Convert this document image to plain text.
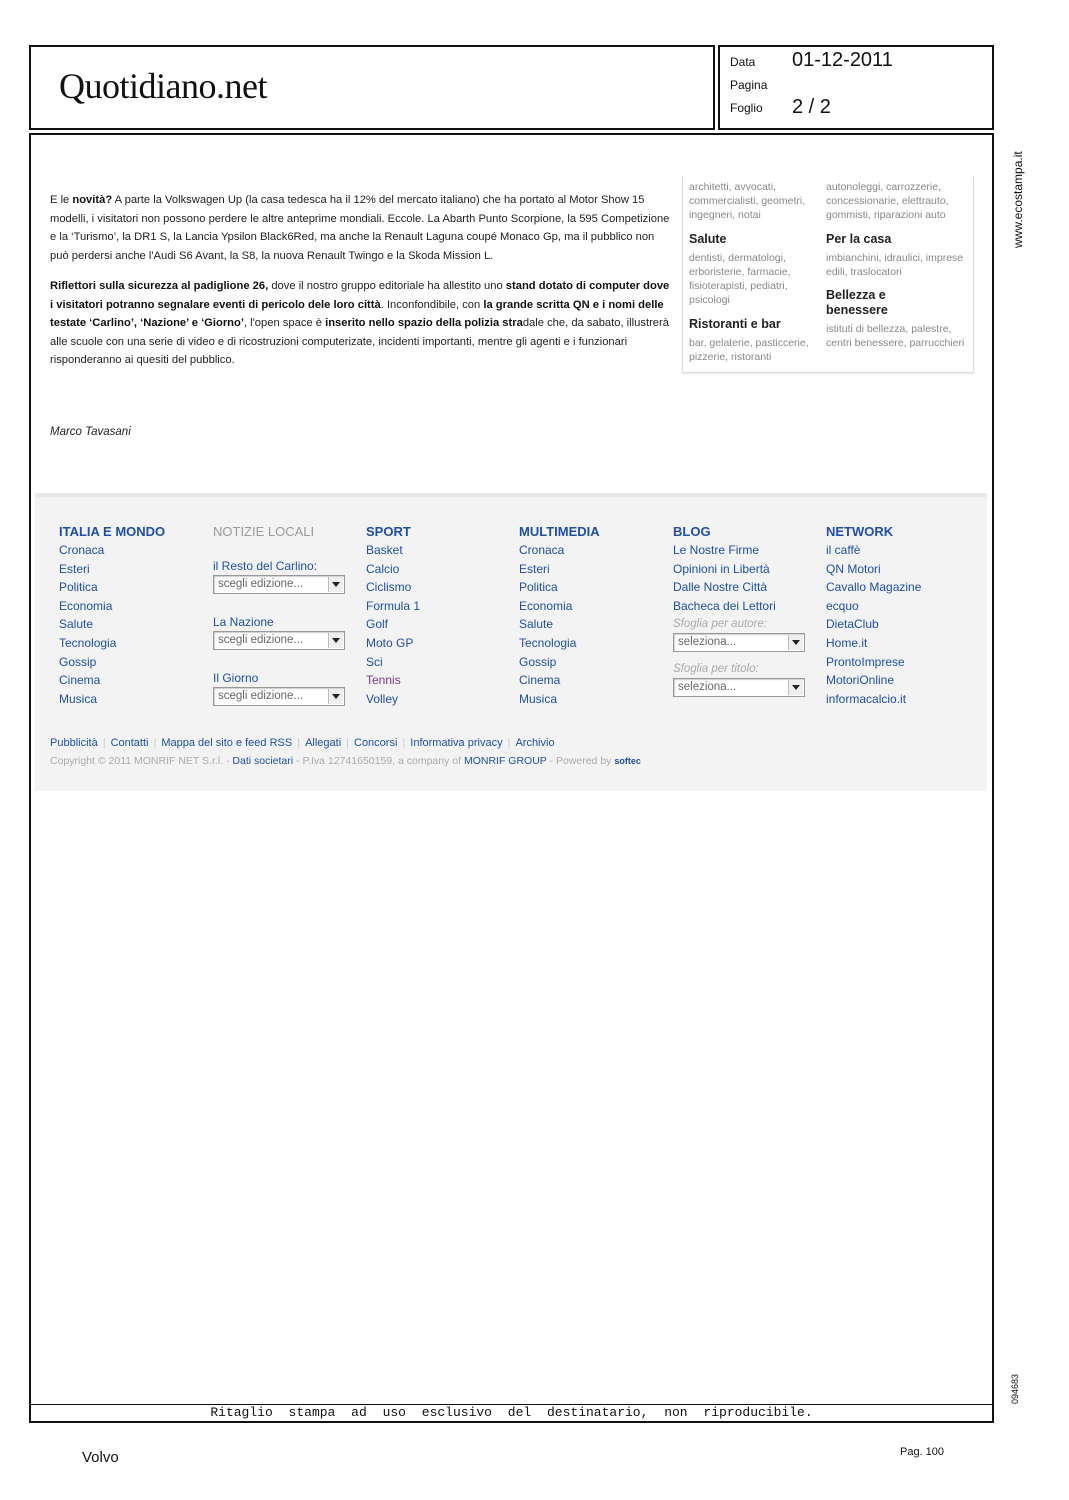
Quotidiano.net
Data 01-12-2011
Pagina
Foglio 2 / 2
Ritaglio stampa ad uso esclusivo del destinatario, non riproducibile.
www.ecostampa.it
094683

E le novità? A parte la Volkswagen Up (la casa tedesca ha il 12% del mercato italiano) che ha portato al Motor Show 15 modelli, i visitatori non possono perdere le altre anteprime mondiali. Eccole. La Abarth Punto Scorpione, la 595 Competizione e la ‘Turismo’, la DR1 S, la Lancia Ypsilon Black6Red, ma anche la Renault Laguna coupé Monaco Gp, ma il pubblico non può perdersi anche l'Audi S6 Avant, la S8, la nuova Renault Twingo e la Skoda Mission L.

Riflettori sulla sicurezza al padiglione 26, dove il nostro gruppo editoriale ha allestito uno stand dotato di computer dove i visitatori potranno segnalare eventi di pericolo dele loro città. Inconfondibile, con la grande scritta QN e i nomi delle testate ‘Carlino’, ‘Nazione’ e ‘Giorno’, l'open space è inserito nello spazio della polizia stradale che, da sabato, illustrerà alle scuole con una serie di video e di ricostruzioni computerizate, incidenti importanti, mentre gli agenti e i funzionari risponderanno ai quesiti del pubblico.

Marco Tavasani
architetti, avvocati, commercialisti, geometri, ingegneri, notai
Salute
dentisti, dermatologi, erboristerie, farmacie, fisioterapisti, pediatri, psicologi
Ristoranti e bar
bar, gelaterie, pasticcerie, pizzerie, ristoranti
autonoleggi, carrozzerie, concessionarie, elettrauto, gommisti, riparazioni auto
Per la casa
imbianchini, idraulici, imprese edili, traslocatori
Bellezza e benessere
istituti di bellezza, palestre, centri benessere, parrucchieri
ITALIA E MONDO
Cronaca
Esteri
Politica
Economia
Salute
Tecnologia
Gossip
Cinema
Musica
NOTIZIE LOCALI
il Resto del Carlino:
scegli edizione...
La Nazione
scegli edizione...
Il Giorno
scegli edizione...
SPORT
Basket
Calcio
Ciclismo
Formula 1
Golf
Moto GP
Sci
Tennis
Volley
MULTIMEDIA
Cronaca
Esteri
Politica
Economia
Salute
Tecnologia
Gossip
Cinema
Musica
BLOG
Le Nostre Firme
Opinioni in Libertà
Dalle Nostre Città
Bacheca dei Lettori
Sfoglia per autore:
seleziona...
Sfoglia per titolo:
seleziona...
NETWORK
il caffè
QN Motori
Cavallo Magazine
ecquo
DietaClub
Home.it
ProntoImprese
MotoriOnline
informacalcio.it
Pubblicità | Contatti | Mappa del sito e feed RSS | Allegati | Concorsi | Informativa privacy | Archivio
Copyright © 2011 MONRIF NET S.r.l. - Dati societari - P.Iva 12741650159, a company of MONRIF GROUP - Powered by softec
Volvo	Pag. 100
